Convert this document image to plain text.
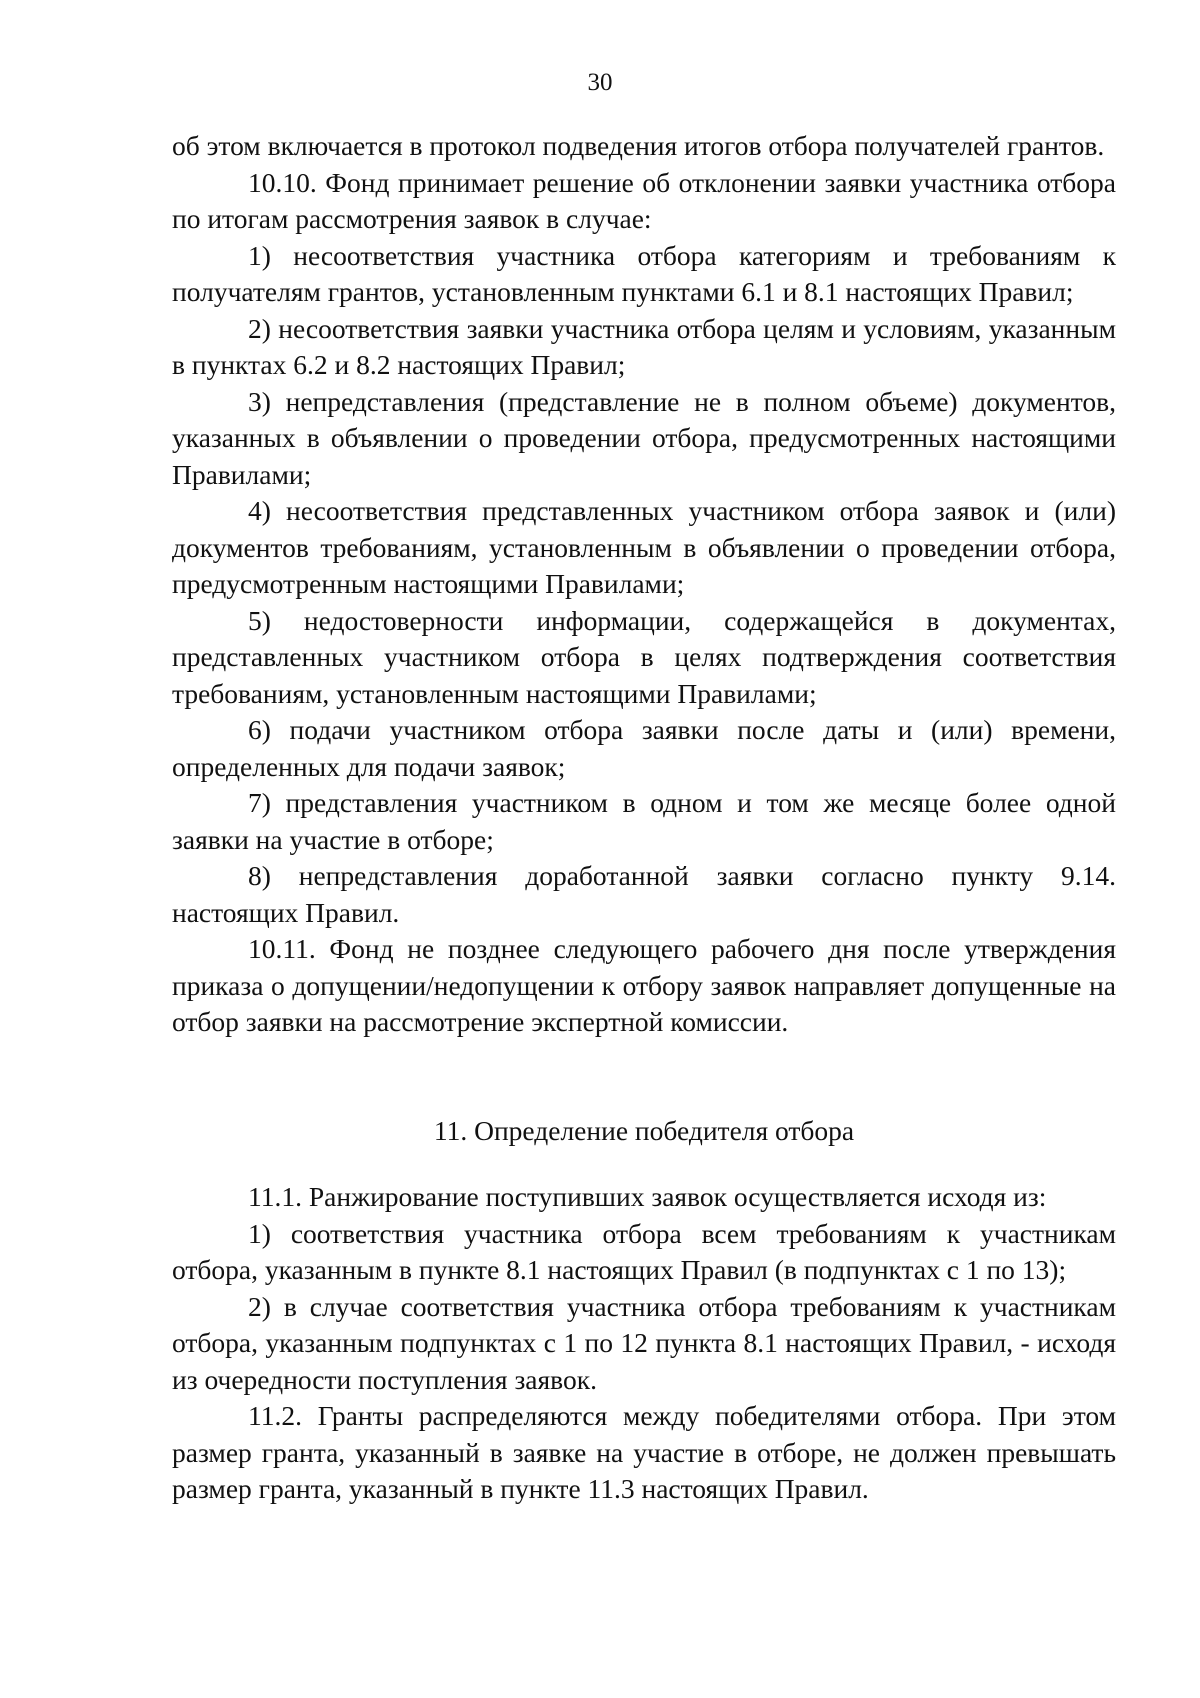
30

об этом включается в протокол подведения итогов отбора получателей грантов.

10.10. Фонд принимает решение об отклонении заявки участника отбора по итогам рассмотрения заявок в случае:

1) несоответствия участника отбора категориям и требованиям к получателям грантов, установленным пунктами 6.1 и 8.1 настоящих Правил;

2) несоответствия заявки участника отбора целям и условиям, указанным в пунктах 6.2 и 8.2 настоящих Правил;

3) непредставления (представление не в полном объеме) документов, указанных в объявлении о проведении отбора, предусмотренных настоящими Правилами;

4) несоответствия представленных участником отбора заявок и (или) документов требованиям, установленным в объявлении о проведении отбора, предусмотренным настоящими Правилами;

5) недостоверности информации, содержащейся в документах, представленных участником отбора в целях подтверждения соответствия требованиям, установленным настоящими Правилами;

6) подачи участником отбора заявки после даты и (или) времени, определенных для подачи заявок;

7) представления участником в одном и том же месяце более одной заявки на участие в отборе;

8) непредставления доработанной заявки согласно пункту 9.14. настоящих Правил.

10.11. Фонд не позднее следующего рабочего дня после утверждения приказа о допущении/недопущении к отбору заявок направляет допущенные на отбор заявки на рассмотрение экспертной комиссии.

11. Определение победителя отбора

11.1. Ранжирование поступивших заявок осуществляется исходя из:

1) соответствия участника отбора всем требованиям к участникам отбора, указанным в пункте 8.1 настоящих Правил (в подпунктах с 1 по 13);

2) в случае соответствия участника отбора требованиям к участникам отбора, указанным подпунктах с 1 по 12 пункта 8.1 настоящих Правил, - исходя из очередности поступления заявок.

11.2. Гранты распределяются между победителями отбора. При этом размер гранта, указанный в заявке на участие в отборе, не должен превышать размер гранта, указанный в пункте 11.3 настоящих Правил.
